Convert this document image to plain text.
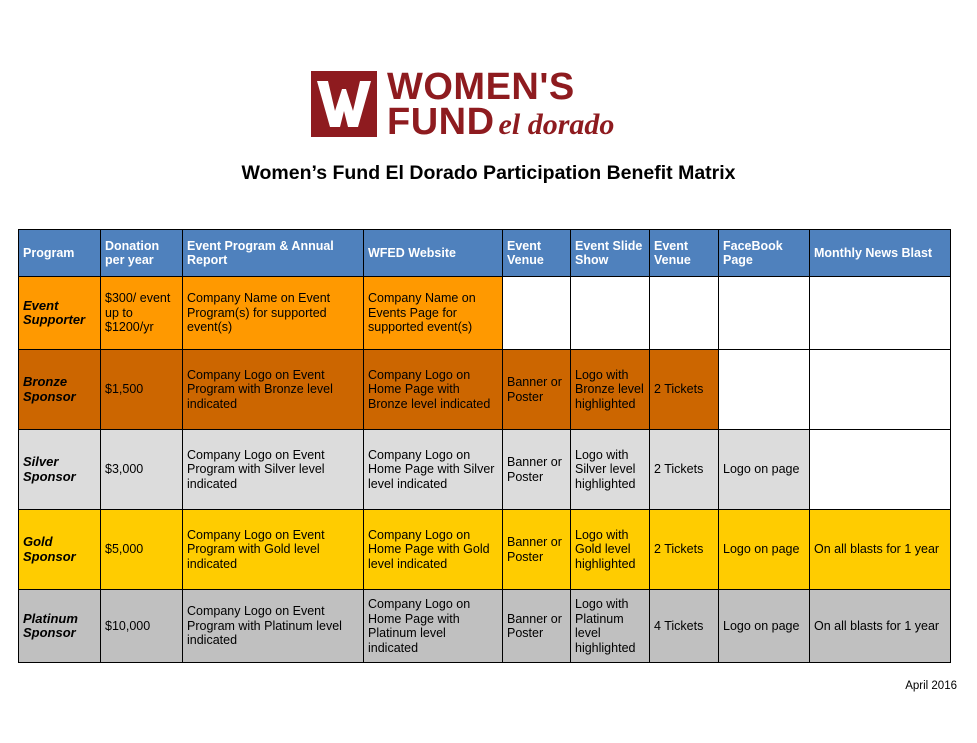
WOMEN'S
FUND el dorado
Women’s Fund El Dorado Participation Benefit Matrix
Program	Donation per year	Event Program & Annual Report	WFED Website	Event Venue	Event Slide Show	Event Venue	FaceBook Page	Monthly News Blast
Event Supporter	$300/ event up to $1200/yr	Company Name on Event Program(s) for supported event(s)	Company Name on Events Page for supported event(s)					
Bronze Sponsor	$1,500	Company Logo on Event Program with Bronze level indicated	Company Logo on Home Page with Bronze level indicated	Banner or Poster	Logo with Bronze level highlighted	2 Tickets		
Silver Sponsor	$3,000	Company Logo on Event Program with Silver level indicated	Company Logo on Home Page with Silver level indicated	Banner or Poster	Logo with Silver level highlighted	2 Tickets	Logo on page	
Gold Sponsor	$5,000	Company Logo on Event Program with Gold level indicated	Company Logo on Home Page with Gold level indicated	Banner or Poster	Logo with Gold level highlighted	2 Tickets	Logo on page	On all blasts for 1 year
Platinum Sponsor	$10,000	Company Logo on Event Program with Platinum level indicated	Company Logo on Home Page with Platinum level indicated	Banner or Poster	Logo with Platinum level highlighted	4 Tickets	Logo on page	On all blasts for 1 year
April 2016
